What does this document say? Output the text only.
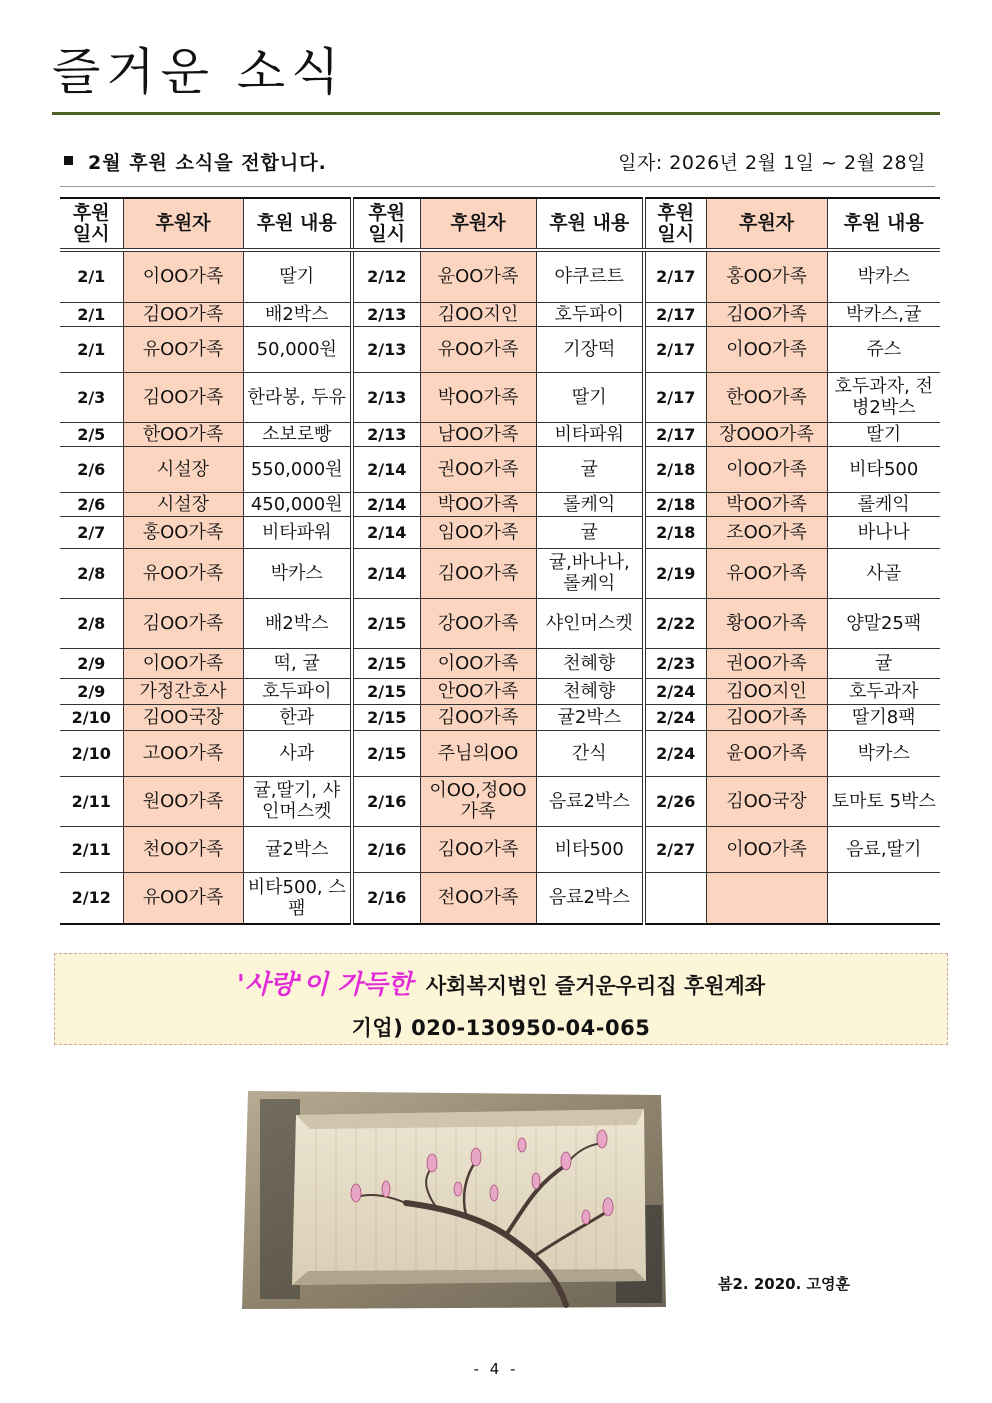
즐거운 소식
2월 후원 소식을 전합니다.	일자: 2026년 2월 1일 ~ 2월 28일
후원 일시	후원자	후원 내용	후원 일시	후원자	후원 내용	후원 일시	후원자	후원 내용
2/1	이OO가족	딸기	2/12	윤OO가족	야쿠르트	2/17	홍OO가족	박카스
2/1	김OO가족	배2박스	2/13	김OO지인	호두파이	2/17	김OO가족	박카스,귤
2/1	유OO가족	50,000원	2/13	유OO가족	기장떡	2/17	이OO가족	쥬스
2/3	김OO가족	한라봉, 두유	2/13	박OO가족	딸기	2/17	한OO가족	호두과자, 전병2박스
2/5	한OO가족	소보로빵	2/13	남OO가족	비타파워	2/17	장OOO가족	딸기
2/6	시설장	550,000원	2/14	권OO가족	귤	2/18	이OO가족	비타500
2/6	시설장	450,000원	2/14	박OO가족	롤케익	2/18	박OO가족	롤케익
2/7	홍OO가족	비타파워	2/14	임OO가족	귤	2/18	조OO가족	바나나
2/8	유OO가족	박카스	2/14	김OO가족	귤,바나나, 롤케익	2/19	유OO가족	사골
2/8	김OO가족	배2박스	2/15	강OO가족	샤인머스켓	2/22	황OO가족	양말25팩
2/9	이OO가족	떡, 귤	2/15	이OO가족	천혜향	2/23	권OO가족	귤
2/9	가정간호사	호두파이	2/15	안OO가족	천혜향	2/24	김OO지인	호두과자
2/10	김OO국장	한과	2/15	김OO가족	귤2박스	2/24	김OO가족	딸기8팩
2/10	고OO가족	사과	2/15	주님의OO	간식	2/24	윤OO가족	박카스
2/11	원OO가족	귤,딸기, 샤인머스켓	2/16	이OO,정OO 가족	음료2박스	2/26	김OO국장	토마토 5박스
2/11	천OO가족	귤2박스	2/16	김OO가족	비타500	2/27	이OO가족	음료,딸기
2/12	유OO가족	비타500, 스팸	2/16	전OO가족	음료2박스			
'사랑'이 가득한 사회복지법인 즐거운우리집 후원계좌
기업) 020-130950-04-065
봄2. 2020. 고영훈
- 4 -
